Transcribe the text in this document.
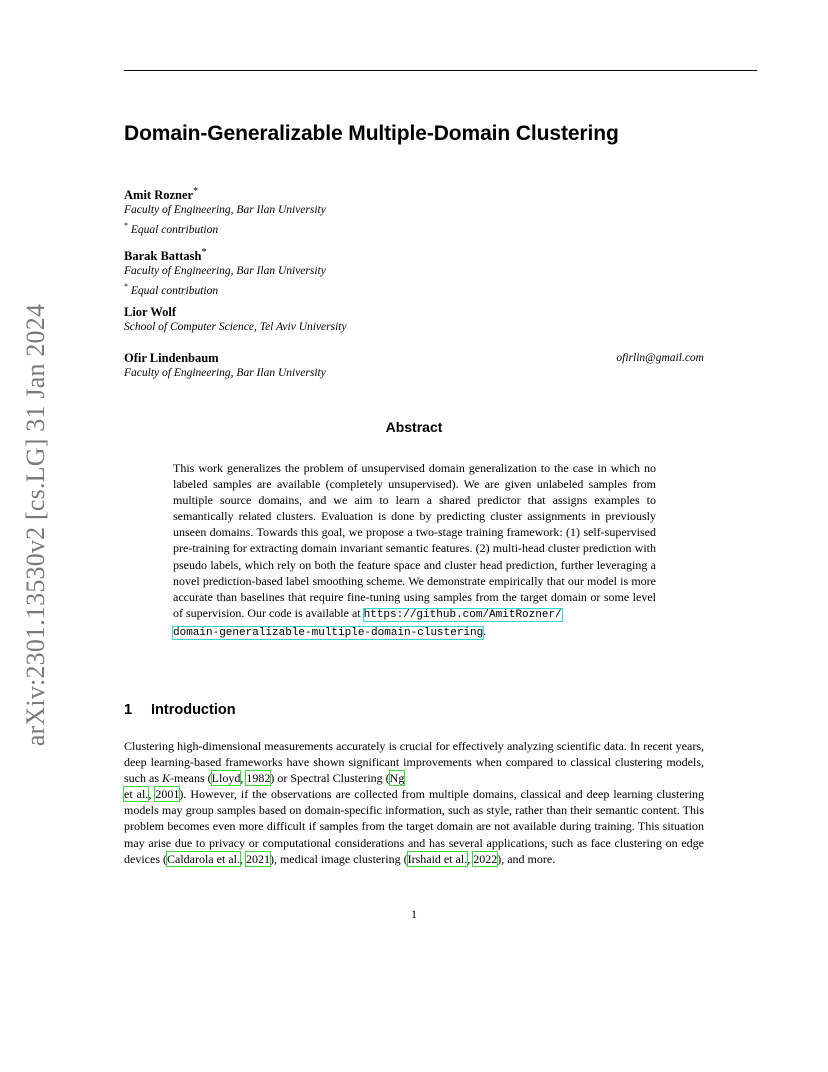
arXiv:2301.13530v2 [cs.LG] 31 Jan 2024
Domain-Generalizable Multiple-Domain Clustering
Amit Rozner*
Faculty of Engineering, Bar Ilan University
* Equal contribution
Barak Battash*
Faculty of Engineering, Bar Ilan University
* Equal contribution
Lior Wolf
School of Computer Science, Tel Aviv University
Ofir Lindenbaum
Faculty of Engineering, Bar Ilan University
ofirlin@gmail.com
Abstract
This work generalizes the problem of unsupervised domain generalization to the case in which no labeled samples are available (completely unsupervised). We are given unlabeled samples from multiple source domains, and we aim to learn a shared predictor that assigns examples to semantically related clusters. Evaluation is done by predicting cluster assignments in previously unseen domains. Towards this goal, we propose a two-stage training framework: (1) self-supervised pre-training for extracting domain invariant semantic features. (2) multi-head cluster prediction with pseudo labels, which rely on both the feature space and cluster head prediction, further leveraging a novel prediction-based label smoothing scheme. We demonstrate empirically that our model is more accurate than baselines that require fine-tuning using samples from the target domain or some level of supervision. Our code is available at https://github.com/AmitRozner/
domain-generalizable-multiple-domain-clustering.
1 Introduction
Clustering high-dimensional measurements accurately is crucial for effectively analyzing scientific data. In recent years, deep learning-based frameworks have shown significant improvements when compared to classical clustering models, such as K-means (Lloyd, 1982) or Spectral Clustering (Ng
et al., 2001). However, if the observations are collected from multiple domains, classical and deep learning clustering models may group samples based on domain-specific information, such as style, rather than their semantic content. This problem becomes even more difficult if samples from the target domain are not available during training. This situation may arise due to privacy or computational considerations and has several applications, such as face clustering on edge devices (Caldarola et al., 2021), medical image clustering (Irshaid et al., 2022), and more.
1
